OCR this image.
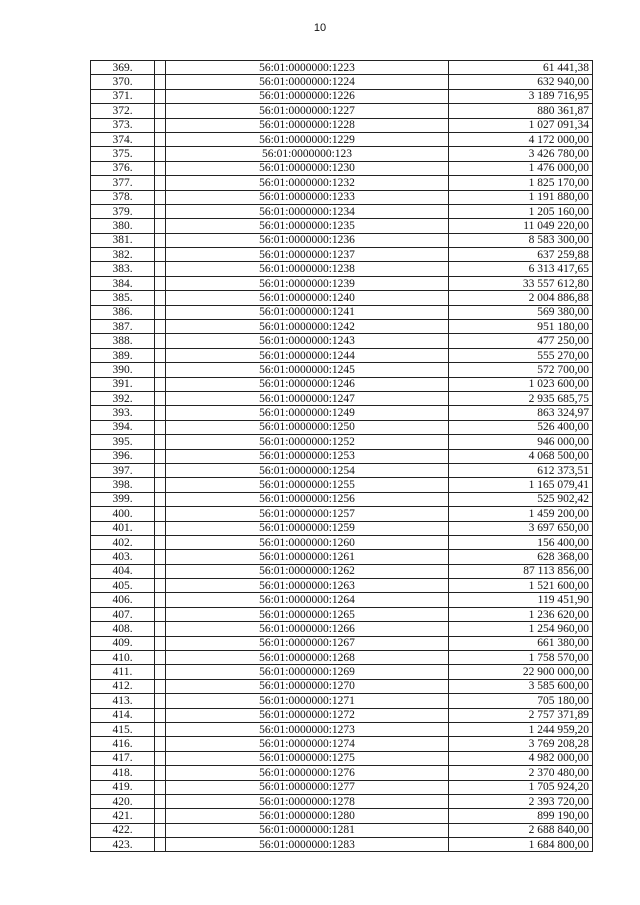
10
369.		56:01:0000000:1223	61 441,38
370.		56:01:0000000:1224	632 940,00
371.		56:01:0000000:1226	3 189 716,95
372.		56:01:0000000:1227	880 361,87
373.		56:01:0000000:1228	1 027 091,34
374.		56:01:0000000:1229	4 172 000,00
375.		56:01:0000000:123	3 426 780,00
376.		56:01:0000000:1230	1 476 000,00
377.		56:01:0000000:1232	1 825 170,00
378.		56:01:0000000:1233	1 191 880,00
379.		56:01:0000000:1234	1 205 160,00
380.		56:01:0000000:1235	11 049 220,00
381.		56:01:0000000:1236	8 583 300,00
382.		56:01:0000000:1237	637 259,88
383.		56:01:0000000:1238	6 313 417,65
384.		56:01:0000000:1239	33 557 612,80
385.		56:01:0000000:1240	2 004 886,88
386.		56:01:0000000:1241	569 380,00
387.		56:01:0000000:1242	951 180,00
388.		56:01:0000000:1243	477 250,00
389.		56:01:0000000:1244	555 270,00
390.		56:01:0000000:1245	572 700,00
391.		56:01:0000000:1246	1 023 600,00
392.		56:01:0000000:1247	2 935 685,75
393.		56:01:0000000:1249	863 324,97
394.		56:01:0000000:1250	526 400,00
395.		56:01:0000000:1252	946 000,00
396.		56:01:0000000:1253	4 068 500,00
397.		56:01:0000000:1254	612 373,51
398.		56:01:0000000:1255	1 165 079,41
399.		56:01:0000000:1256	525 902,42
400.		56:01:0000000:1257	1 459 200,00
401.		56:01:0000000:1259	3 697 650,00
402.		56:01:0000000:1260	156 400,00
403.		56:01:0000000:1261	628 368,00
404.		56:01:0000000:1262	87 113 856,00
405.		56:01:0000000:1263	1 521 600,00
406.		56:01:0000000:1264	119 451,90
407.		56:01:0000000:1265	1 236 620,00
408.		56:01:0000000:1266	1 254 960,00
409.		56:01:0000000:1267	661 380,00
410.		56:01:0000000:1268	1 758 570,00
411.		56:01:0000000:1269	22 900 000,00
412.		56:01:0000000:1270	3 585 600,00
413.		56:01:0000000:1271	705 180,00
414.		56:01:0000000:1272	2 757 371,89
415.		56:01:0000000:1273	1 244 959,20
416.		56:01:0000000:1274	3 769 208,28
417.		56:01:0000000:1275	4 982 000,00
418.		56:01:0000000:1276	2 370 480,00
419.		56:01:0000000:1277	1 705 924,20
420.		56:01:0000000:1278	2 393 720,00
421.		56:01:0000000:1280	899 190,00
422.		56:01:0000000:1281	2 688 840,00
423.		56:01:0000000:1283	1 684 800,00
